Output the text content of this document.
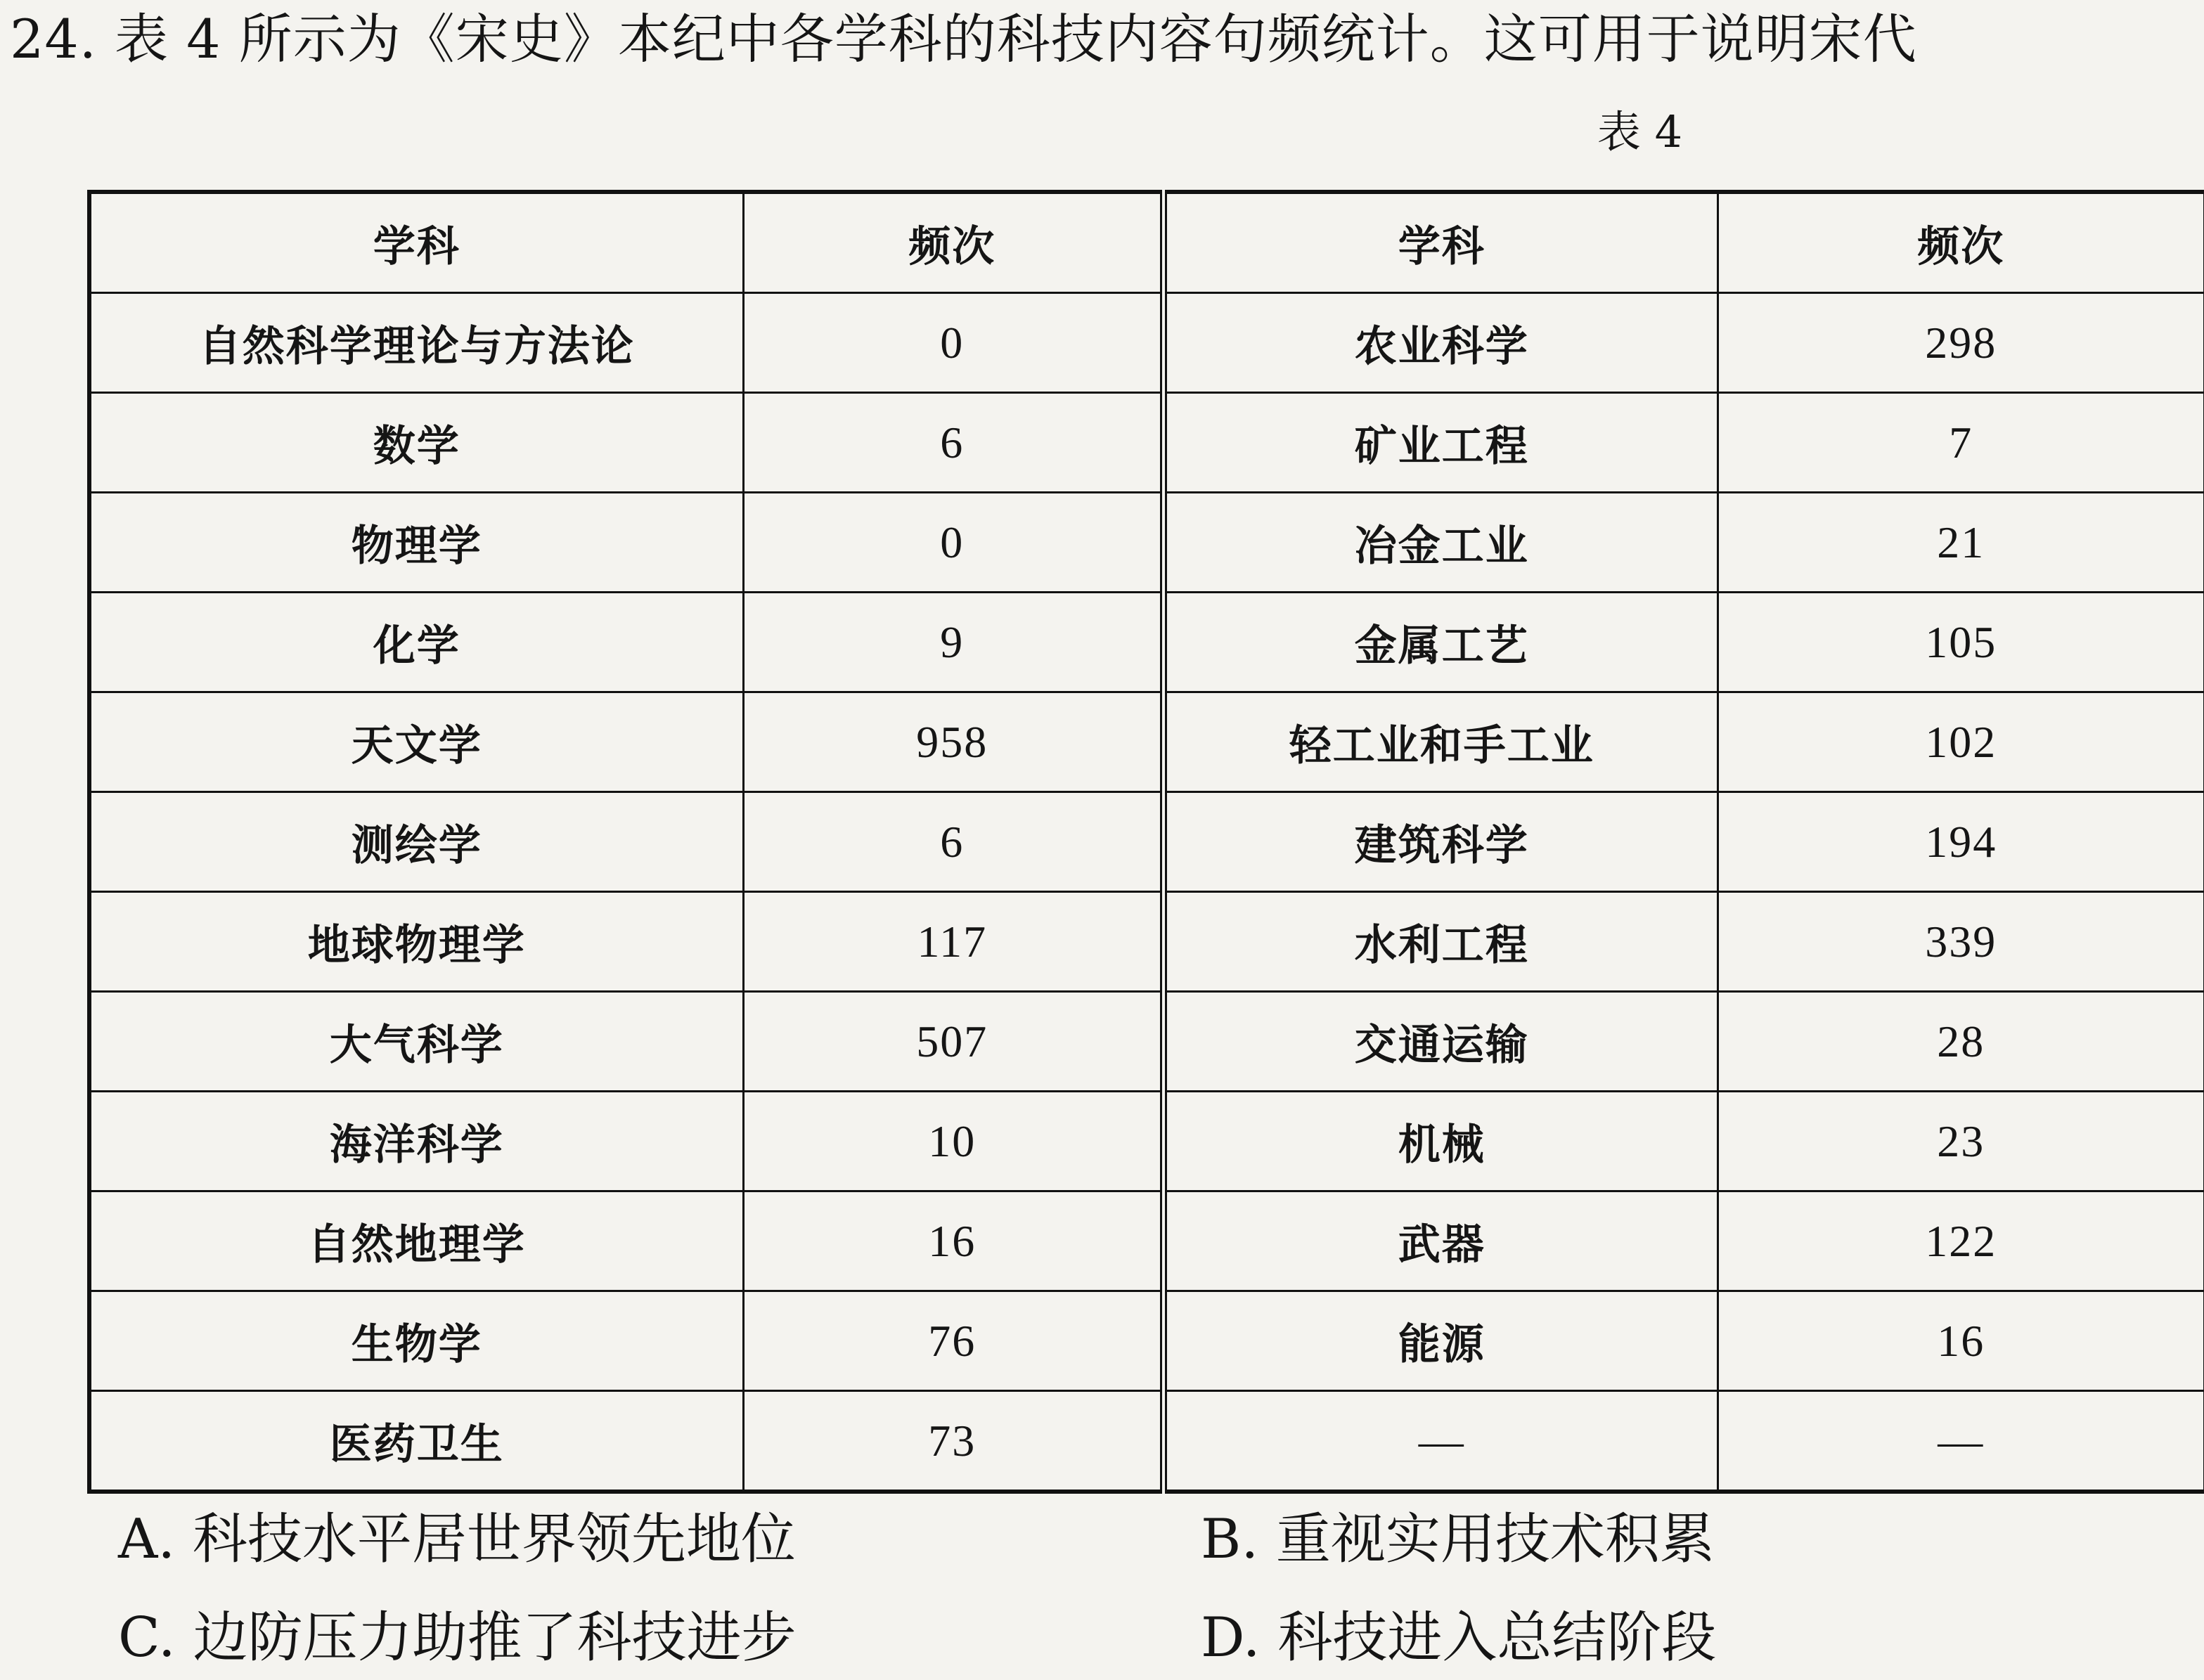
24. 表 4 所示为《宋史》本纪中各学科的科技内容句频统计。这可用于说明宋代
表 4
学科	频次	学科	频次
自然科学理论与方法论	0	农业科学	298
数学	6	矿业工程	7
物理学	0	冶金工业	21
化学	9	金属工艺	105
天文学	958	轻工业和手工业	102
测绘学	6	建筑科学	194
地球物理学	117	水利工程	339
大气科学	507	交通运输	28
海洋科学	10	机械	23
自然地理学	16	武器	122
生物学	76	能源	16
医药卫生	73	—	—
A. 科技水平居世界领先地位	B. 重视实用技术积累
C. 边防压力助推了科技进步	D. 科技进入总结阶段
